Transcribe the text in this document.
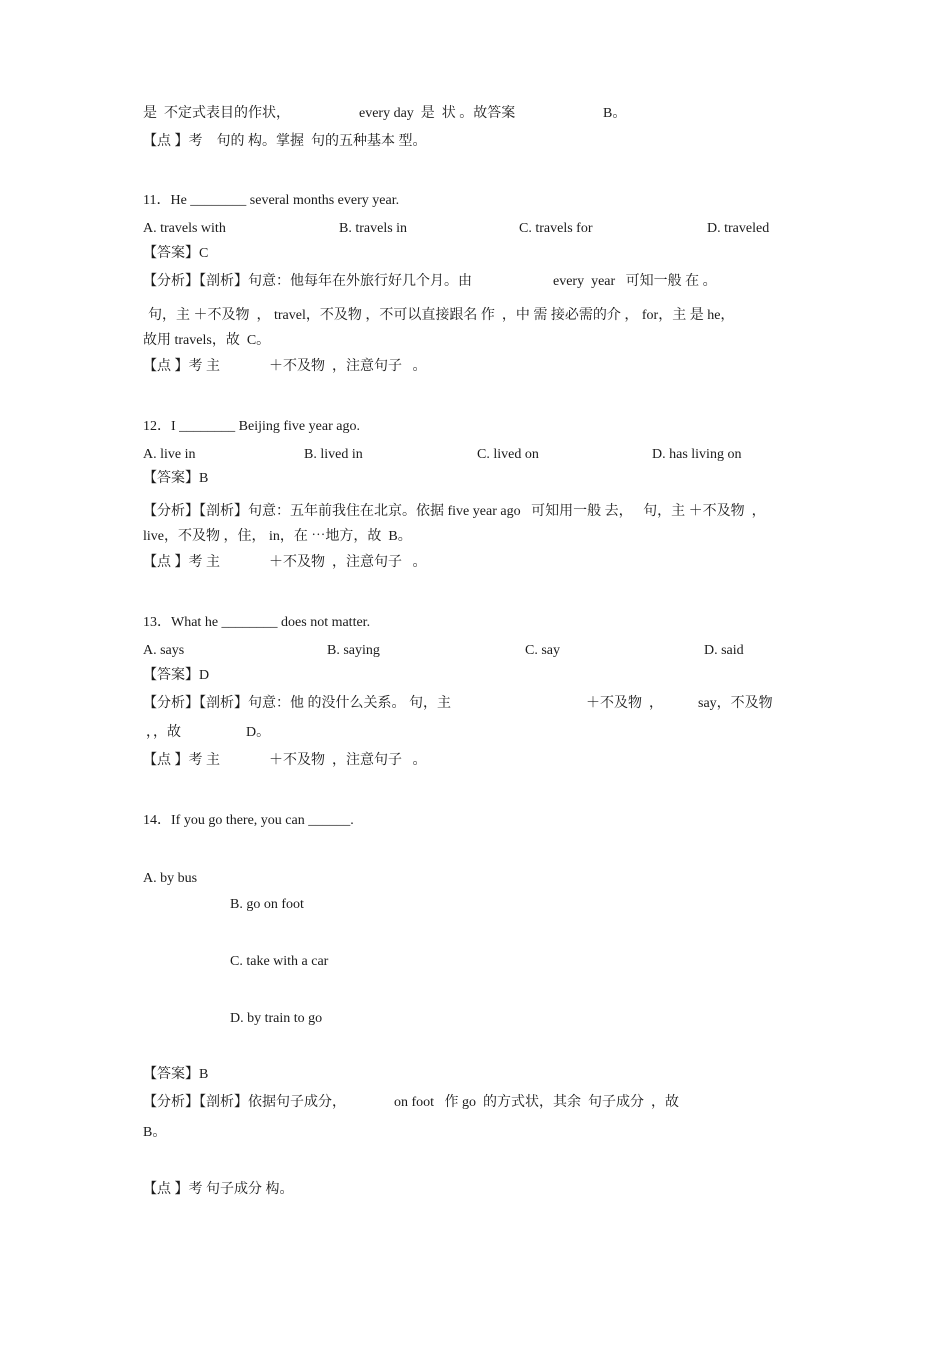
是  不定式表目的作状，	every day  是  状 。故答案	B。
【点 】考    句的 构。掌握  句的五种基本 型。
11．He ________ several months every year.
A. travels with	B. travels in	C. travels for	D. traveled
【答案】C
【分析】【剖析】句意：他每年在外旅行好几个月。由	every  year   可知一般 在 。
句，主 ＋不及物  ， travel，不及物 ，不可以直接跟名 作  ，中 需 接必需的介 ， for，主 是 he，
故用 travels，故  C。
【点 】考 主              ＋不及物  ，注意句子   。
12．I ________ Beijing five year ago.
A. live in	B. lived in	C. lived on	D. has living on
【答案】B
【分析】【剖析】句意：五年前我住在北京。依据 five year ago   可知用一般 去，   句，主 ＋不及物  ，
live，不及物 ，住， in，在 ⋯地方，故  B。
【点 】考 主              ＋不及物  ，注意句子   。
13．What he ________ does not matter.
A. says	B. saying	C. say	D. said
【答案】D
【分析】【剖析】句意：他 的没什么关系。 句，主	＋不及物  ，	say，不及物
，，故	D。
【点 】考 主              ＋不及物  ，注意句子   。
14．If you go there, you can ______.
A. by bus
B. go on foot
C. take with a car
D. by train to go
【答案】B
【分析】【剖析】依据句子成分，	on foot   作 go  的方式状，其余  句子成分  ，故
B。
【点 】考 句子成分 构。
